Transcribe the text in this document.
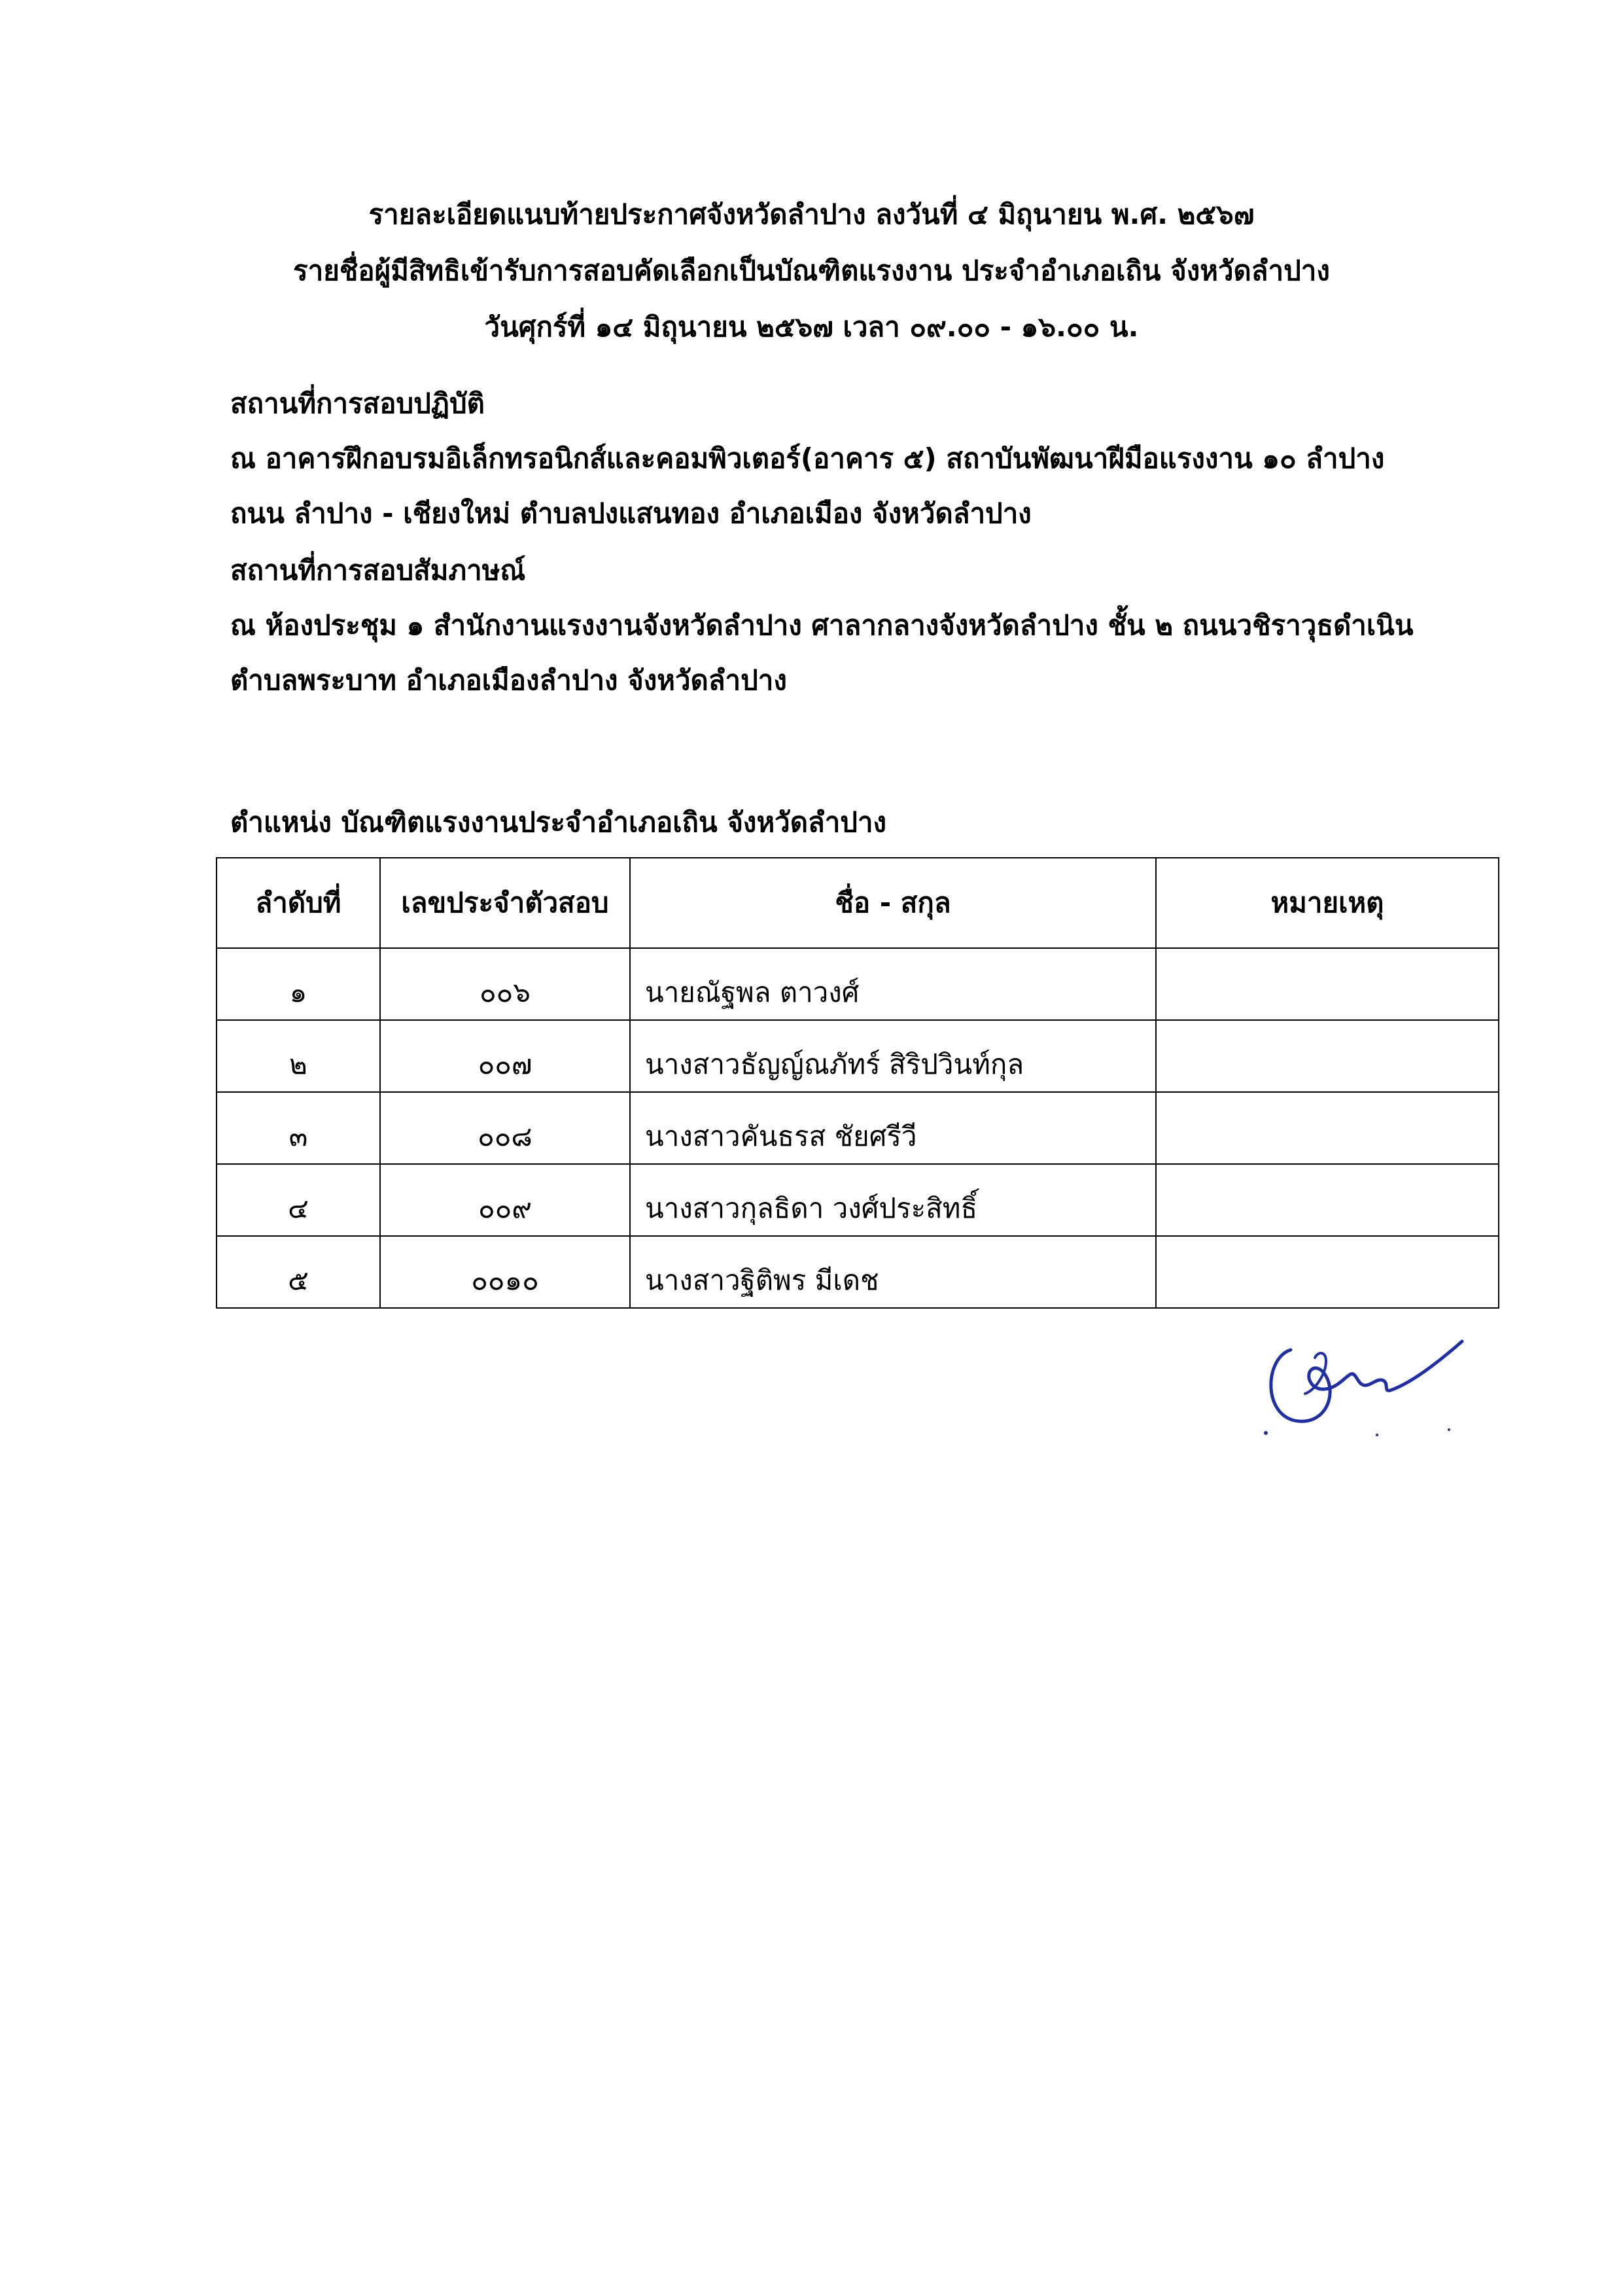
รายละเอียดแนบท้ายประกาศจังหวัดลำปาง ลงวันที่ ๔ มิถุนายน พ.ศ. ๒๕๖๗
รายชื่อผู้มีสิทธิเข้ารับการสอบคัดเลือกเป็นบัณฑิตแรงงาน ประจำอำเภอเถิน จังหวัดลำปาง
วันศุกร์ที่ ๑๔ มิถุนายน ๒๕๖๗ เวลา ๐๙.๐๐ - ๑๖.๐๐ น.
สถานที่การสอบปฏิบัติ
ณ อาคารฝึกอบรมอิเล็กทรอนิกส์และคอมพิวเตอร์(อาคาร ๕) สถาบันพัฒนาฝีมือแรงงาน ๑๐ ลำปาง
ถนน ลำปาง - เชียงใหม่ ตำบลปงแสนทอง อำเภอเมือง จังหวัดลำปาง
สถานที่การสอบสัมภาษณ์
ณ ห้องประชุม ๑ สำนักงานแรงงานจังหวัดลำปาง ศาลากลางจังหวัดลำปาง ชั้น ๒ ถนนวชิราวุธดำเนิน
ตำบลพระบาท อำเภอเมืองลำปาง จังหวัดลำปาง
ตำแหน่ง บัณฑิตแรงงานประจำอำเภอเถิน จังหวัดลำปาง
ลำดับที่	เลขประจำตัวสอบ	ชื่อ - สกุล	หมายเหตุ
๑	๐๐๖	นายณัฐพล ตาวงศ์	
๒	๐๐๗	นางสาวธัญญ์ณภัทร์ สิริปวินท์กุล	
๓	๐๐๘	นางสาวคันธรส ชัยศรีวี	
๔	๐๐๙	นางสาวกุลธิดา วงศ์ประสิทธิ์	
๕	๐๐๑๐	นางสาวฐิติพร มีเดช	
